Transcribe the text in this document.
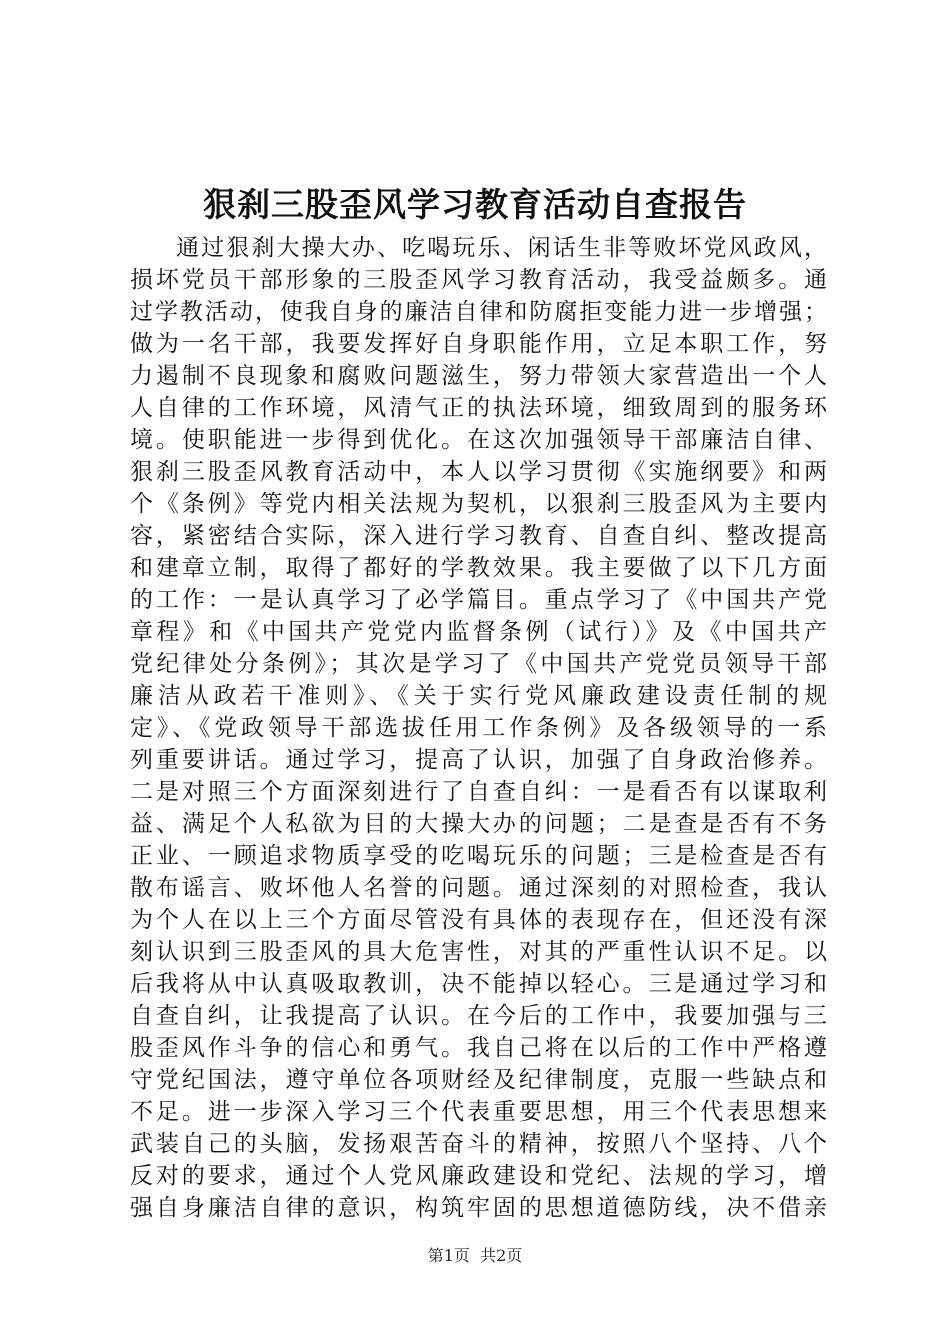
狠刹三股歪风学习教育活动自查报告
通过狠刹大操大办、吃喝玩乐、闲话生非等败坏党风政风，
损坏党员干部形象的三股歪风学习教育活动，我受益颇多。通
过学教活动，使我自身的廉洁自律和防腐拒变能力进一步增强；
做为一名干部，我要发挥好自身职能作用，立足本职工作，努
力遏制不良现象和腐败问题滋生，努力带领大家营造出一个人
人自律的工作环境，风清气正的执法环境，细致周到的服务环
境。使职能进一步得到优化。在这次加强领导干部廉洁自律、
狠刹三股歪风教育活动中，本人以学习贯彻《实施纲要》和两
个《条例》等党内相关法规为契机，以狠刹三股歪风为主要内
容，紧密结合实际，深入进行学习教育、自查自纠、整改提高
和建章立制，取得了都好的学教效果。我主要做了以下几方面
的工作：一是认真学习了必学篇目。重点学习了《中国共产党
章程》和《中国共产党党内监督条例（试行）》及《中国共产
党纪律处分条例》；其次是学习了《中国共产党党员领导干部
廉洁从政若干准则》、《关于实行党风廉政建设责任制的规
定》、《党政领导干部选拔任用工作条例》及各级领导的一系
列重要讲话。通过学习，提高了认识，加强了自身政治修养。
二是对照三个方面深刻进行了自查自纠：一是看否有以谋取利
益、满足个人私欲为目的大操大办的问题；二是查是否有不务
正业、一顾追求物质享受的吃喝玩乐的问题；三是检查是否有
散布谣言、败坏他人名誉的问题。通过深刻的对照检查，我认
为个人在以上三个方面尽管没有具体的表现存在，但还没有深
刻认识到三股歪风的具大危害性，对其的严重性认识不足。以
后我将从中认真吸取教训，决不能掉以轻心。三是通过学习和
自查自纠，让我提高了认识。在今后的工作中，我要加强与三
股歪风作斗争的信心和勇气。我自己将在以后的工作中严格遵
守党纪国法，遵守单位各项财经及纪律制度，克服一些缺点和
不足。进一步深入学习三个代表重要思想，用三个代表思想来
武装自己的头脑，发扬艰苦奋斗的精神，按照八个坚持、八个
反对的要求，通过个人党风廉政建设和党纪、法规的学习，增
强自身廉洁自律的意识，构筑牢固的思想道德防线，决不借亲
第1页  共2页
